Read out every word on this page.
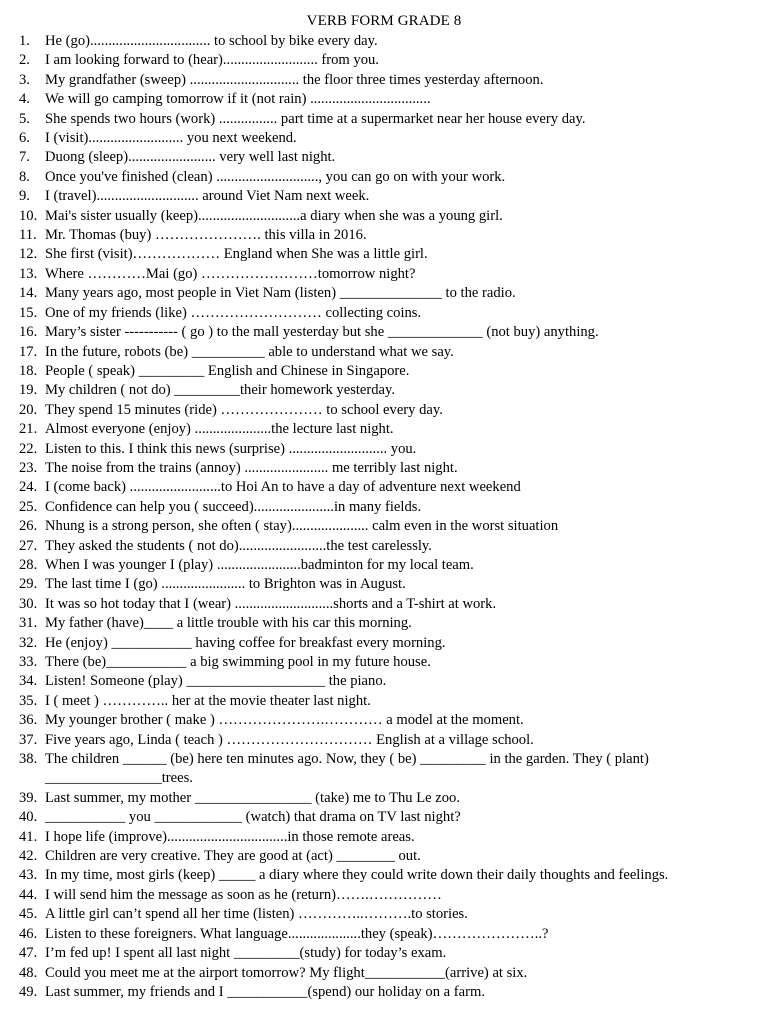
VERB FORM GRADE 8
1.	He (go)................................. to school by bike every day.
2.	I am looking forward to (hear).......................... from you.
3.	My grandfather (sweep) .............................. the floor three times yesterday afternoon.
4.	We will go camping tomorrow if it (not rain) .................................
5.	She spends two hours (work) ................ part time at a supermarket near her house every day.
6.	I (visit).......................... you next weekend.
7.	Duong (sleep)........................ very well last night.
8.	Once you've finished (clean) ............................, you can go on with your work.
9.	I (travel)............................ around Viet Nam next week.
10. Mai's sister usually (keep)............................a diary when she was a young girl.
11. Mr. Thomas (buy) …………………. this villa in 2016.
12. She first (visit)……………… England when She was a little girl.
13. Where …………Mai (go) ……………………tomorrow night?
14. Many years ago, most people in Viet Nam (listen) ______________ to the radio.
15. One of my friends (like) ……………………… collecting coins.
16. Mary’s sister ----------- ( go ) to the mall yesterday but she _____________ (not buy) anything.
17. In the future, robots (be) __________ able to understand what we say.
18. People ( speak) _________ English and Chinese in Singapore.
19. My children ( not do) _________their homework yesterday.
20. They spend 15 minutes (ride) ………………… to school every day.
21. Almost everyone (enjoy) .....................the lecture last night.
22. Listen to this. I think this news (surprise) ........................... you.
23. The noise from the trains (annoy) ....................... me terribly last night.
24. I (come back) .........................to Hoi An to have a day of adventure next weekend
25. Confidence can help you ( succeed)......................in many fields.
26. Nhung is a strong person, she often ( stay)..................... calm even in the worst situation
27. They asked the students ( not do)........................the test carelessly.
28. When I was younger I (play) .......................badminton for my local team.
29. The last time I (go) ....................... to Brighton was in August.
30. It was so hot today that I (wear) ...........................shorts and a T-shirt at work.
31. My father (have)____ a little trouble with his car this morning.
32. He (enjoy) ___________ having coffee for breakfast every morning.
33. There (be)___________ a big swimming pool in my future house.
34. Listen! Someone (play) ___________________ the piano.
35. I ( meet ) ………….. her at the movie theater last night.
36. My younger brother ( make ) ………………….………… a model at the moment.
37. Five years ago, Linda ( teach ) ………………………… English at a village school.
38. The children ______ (be) here ten minutes ago. Now, they ( be) _________ in the garden. They ( plant) ________________trees.
39. Last summer, my mother ________________ (take) me to Thu Le zoo.
40. ___________ you ____________ (watch) that drama on TV last night?
41. I hope life (improve).................................in those remote areas.
42. Children are very creative. They are good at (act) ________ out.
43. In my time, most girls (keep) _____ a diary where they could write down their daily thoughts and feelings.
44. I will send him the message as soon as he (return)…….……………
45. A little girl can’t spend all her time (listen) …………..……….to stories.
46. Listen to these foreigners. What language....................they (speak)…………………..?
47. I’m fed up! I spent all last night _________(study) for today’s exam.
48. Could you meet me at the airport tomorrow? My flight___________(arrive) at six.
49. Last summer, my friends and I ___________(spend) our holiday on a farm.
